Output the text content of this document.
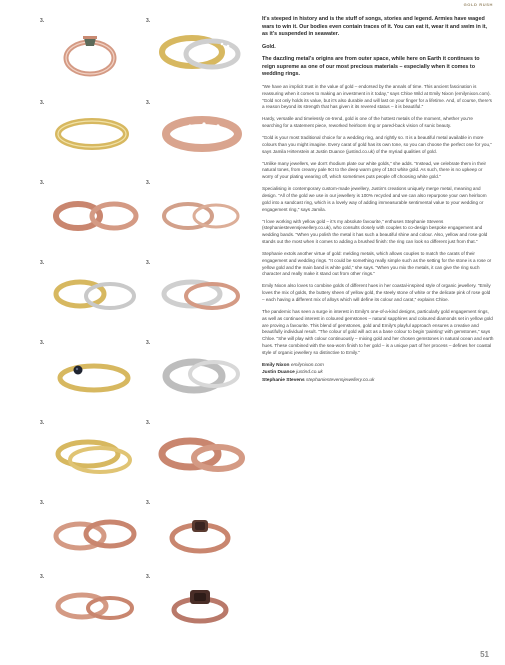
GOLD RUSH
3.	3.
3.	3.
3.	3.
3.	3.
3.	3.
3.	3.
3.	3.
3.	3.

It's steeped in history and is the stuff of songs, stories and legend. Armies have waged wars to win it. Our bodies even contain traces of it. You can eat it, wear it and swim in it, as it's suspended in seawater.

Gold.

The dazzling metal's origins are from outer space, while here on Earth it continues to reign supreme as one of our most precious materials – especially when it comes to wedding rings.

"We have an implicit trust in the value of gold – endorsed by the annals of time. This ancient fascination is reassuring when it comes to making an investment in it today," says Chloe Wild at Emily Nixon (emilynixon.com). "Gold not only holds its value, but it's also durable and will last on your finger for a lifetime. And, of course, there's a reason beyond its strength that has given it its revered status – it is beautiful."

Hardy, versatile and timelessly on-trend, gold is one of the hottest metals of the moment, whether you're searching for a statement piece, reworked heirloom ring or pared-back vision of sunic beauty.

"Gold is your most traditional choice for a wedding ring, and rightly so. It is a beautiful metal available in more colours than you might imagine. Every carat of gold has its own tone, so you can choose the perfect one for you," says Jamila Hirtenstein at Justin Duance (justind.co.uk) of the myriad qualities of gold.

"Unlike many jewellers, we don't rhodium plate our white golds," she adds. "Instead, we celebrate them in their natural tones, from creamy pale 9ct to the deep warm grey of 18ct white gold. As such, there is no upkeep or worry of your plating wearing off, which sometimes puts people off choosing white gold."

Specialising in contemporary custom-made jewellery, Justin's creations uniquely merge metal, meaning and design. "All of the gold we use in our jewellery is 100% recycled and we can also repurpose your own heirloom gold into a sandcast ring, which is a lovely way of adding immeasurable sentimental value to your wedding or engagement ring," says Jamila.

"I love working with yellow gold – it's my absolute favourite," enthuses Stephanie Stevens (stephaniestevensjewellery.co.uk), who consults closely with couples to co-design bespoke engagement and wedding bands. "When you polish the metal it has such a beautiful shine and colour. Also, yellow and rose gold stands out the most when it comes to adding a brushed finish: the ring can look so different just from that."

Stephanie extols another virtue of gold: melding metals, which allows couples to match the carats of their engagement and wedding rings. "It could be something really simple such as the setting for the stone is a rose or yellow gold and the main band is white gold," she says. "When you mix the metals, it can give the ring such character and really make it stand out from other rings."

Emily Nixon also loves to combine golds of different hues in her coastal-inspired style of organic jewellery. "Emily loves the mix of golds, the buttery sheen of yellow gold, the steely stone of white or the delicate pink of rose gold – each having a different mix of alloys which will define its colour and carat," explains Chloe.

The pandemic has seen a surge in interest in Emily's one-of-a-kind designs, particularly gold engagement rings, as well as continued interest in coloured gemstones – natural sapphires and coloured diamonds set in yellow gold are proving a favourite. This blend of gemstones, gold and Emily's playful approach ensures a creative and beautifully individual result. "The colour of gold will act as a base colour to begin 'painting' with gemstones," says Chloe. "She will play with colour continuously – mixing gold and her chosen gemstones in natural ocean and earth hues. These combined with the sea-worn finish to her gold – is a unique part of her process – defines her coastal style of organic jewellery so distinctive to Emily."

Emily Nixon emilynixon.com
Justin Duance justind.co.uk
Stephanie Stevens stephaniestevensjewellery.co.uk
51
